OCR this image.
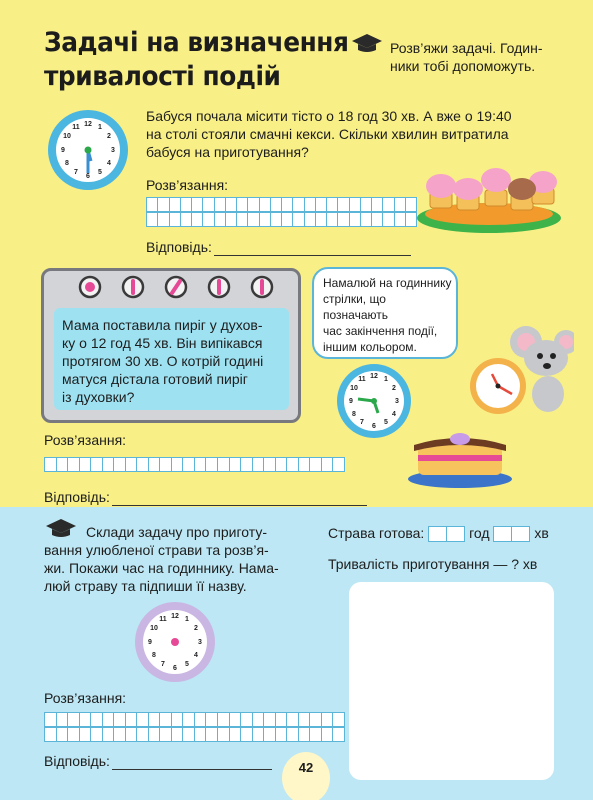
Задачі на визначення
тривалості подій
Розв’яжи задачі. Годин-
ники тобі допоможуть.
12 1
2
3
4
5
6
7
8
9
10
11
Бабуся почала місити тісто о 18 год 30 хв. А вже о 19:40
на столі стояли смачні кекси. Скільки хвилин витратила
бабуся на приготування?
Розв’язання:
Відповідь:
Мама поставила пиріг у духов-
ку о 12 год 45 хв. Він випікався
протягом 30 хв. О котрій годині
матуся дістала готовий пиріг
із духовки?
Розв’язання:
Відповідь:
Намалюй на годиннику
стрілки, що позначають
час закінчення події,
іншим кольором.
12 1
2
3
4
5
6
7
8
9
10
11
Склади задачу про приготу-
вання улюбленої страви та розв’я-
жи. Покажи час на годиннику. Нама-
люй страву та підпиши її назву.
12 1
2
3
4
5
6
7
8
9
10
11
Розв’язання:
Відповідь:	42
Страва готова:	год	хв
Тривалість приготування — ? хв
